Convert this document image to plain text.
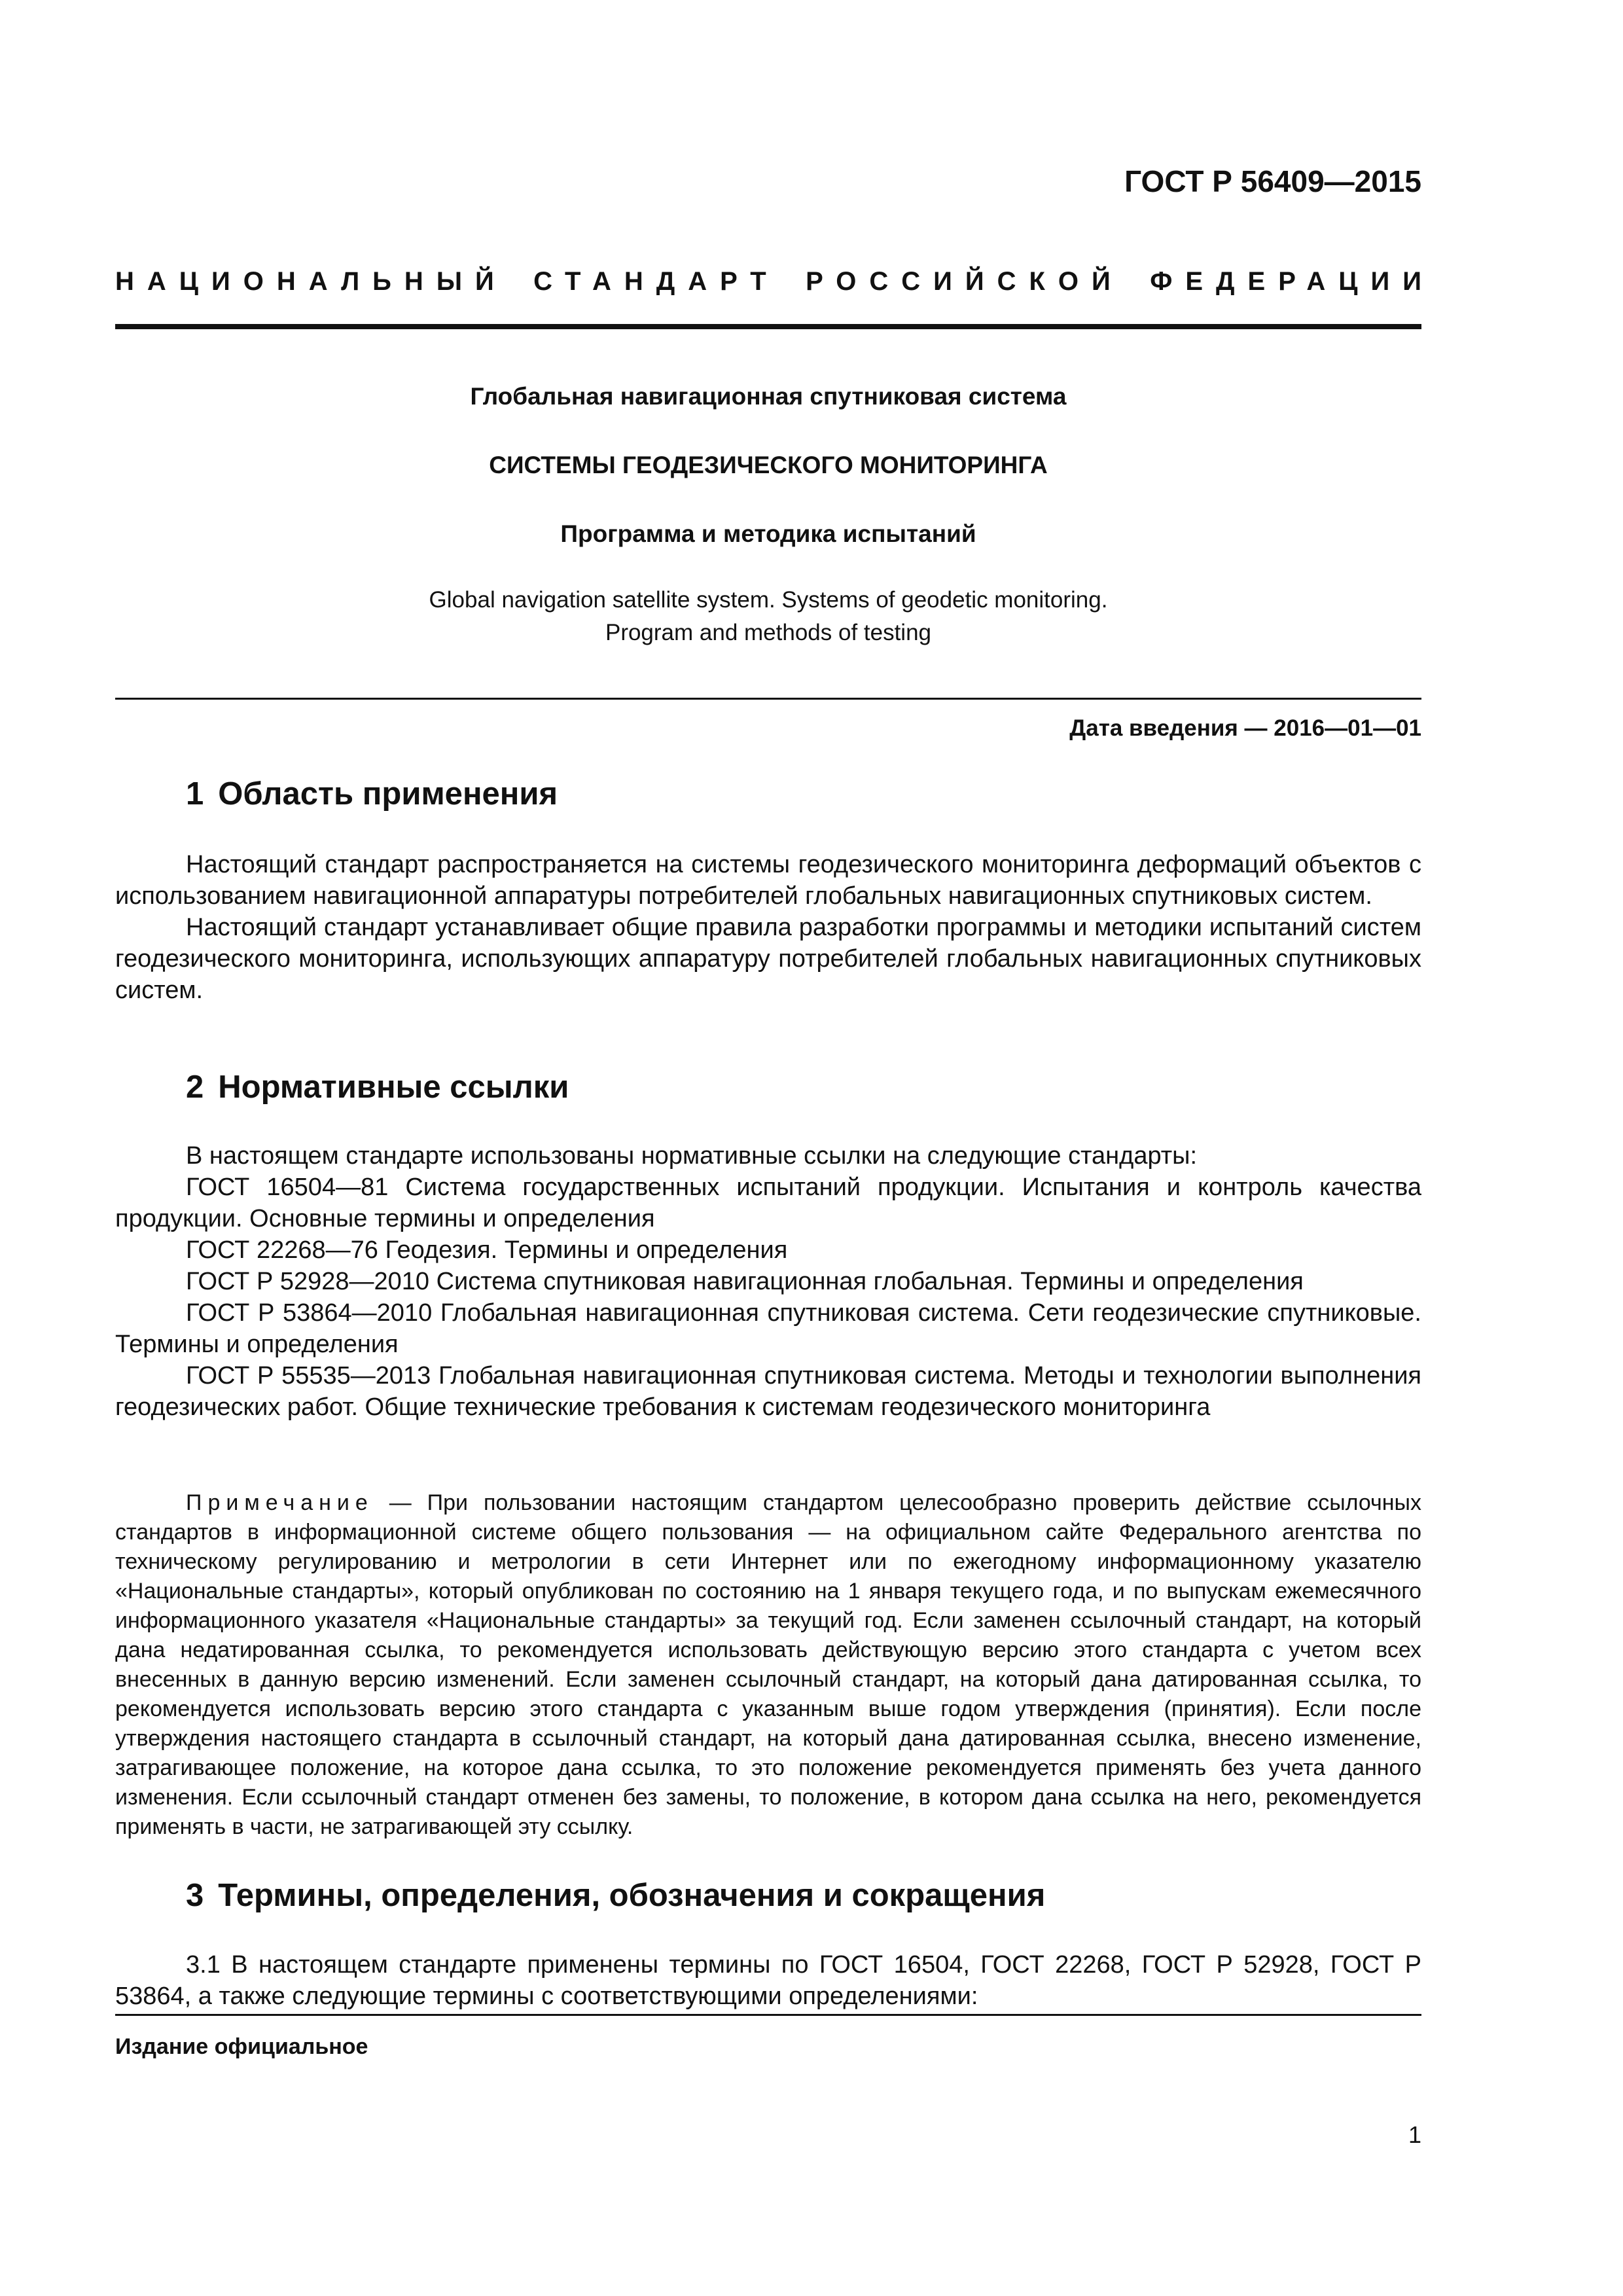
ГОСТ Р 56409—2015
НАЦИОНАЛЬНЫЙ СТАНДАРТ РОССИЙСКОЙ ФЕДЕРАЦИИ
Глобальная навигационная спутниковая система
СИСТЕМЫ ГЕОДЕЗИЧЕСКОГО МОНИТОРИНГА
Программа и методика испытаний
Global navigation satellite system. Systems of geodetic monitoring.
Program and methods of testing
Дата введения — 2016—01—01
1 Область применения

Настоящий стандарт распространяется на системы геодезического мониторинга деформаций объектов с использованием навигационной аппаратуры потребителей глобальных навигационных спутниковых систем.

Настоящий стандарт устанавливает общие правила разработки программы и методики испытаний систем геодезического мониторинга, использующих аппаратуру потребителей глобальных навигационных спутниковых систем.

2 Нормативные ссылки

В настоящем стандарте использованы нормативные ссылки на следующие стандарты:

ГОСТ 16504—81 Система государственных испытаний продукции. Испытания и контроль качества продукции. Основные термины и определения

ГОСТ 22268—76 Геодезия. Термины и определения

ГОСТ Р 52928—2010 Система спутниковая навигационная глобальная. Термины и определения

ГОСТ Р 53864—2010 Глобальная навигационная спутниковая система. Сети геодезические спутниковые. Термины и определения

ГОСТ Р 55535—2013 Глобальная навигационная спутниковая система. Методы и технологии выполнения геодезических работ. Общие технические требования к системам геодезического мониторинга

Примечание — При пользовании настоящим стандартом целесообразно проверить действие ссылочных стандартов в информационной системе общего пользования — на официальном сайте Федерального агентства по техническому регулированию и метрологии в сети Интернет или по ежегодному информационному указателю «Национальные стандарты», который опубликован по состоянию на 1 января текущего года, и по выпускам ежемесячного информационного указателя «Национальные стандарты» за текущий год. Если заменен ссылочный стандарт, на который дана недатированная ссылка, то рекомендуется использовать действующую версию этого стандарта с учетом всех внесенных в данную версию изменений. Если заменен ссылочный стандарт, на который дана датированная ссылка, то рекомендуется использовать версию этого стандарта с указанным выше годом утверждения (принятия). Если после утверждения настоящего стандарта в ссылочный стандарт, на который дана датированная ссылка, внесено изменение, затрагивающее положение, на которое дана ссылка, то это положение рекомендуется применять без учета данного изменения. Если ссылочный стандарт отменен без замены, то положение, в котором дана ссылка на него, рекомендуется применять в части, не затрагивающей эту ссылку.

3 Термины, определения, обозначения и сокращения

3.1 В настоящем стандарте применены термины по ГОСТ 16504, ГОСТ 22268, ГОСТ Р 52928, ГОСТ Р 53864, а также следующие термины с соответствующими определениями:

Издание официальное
1
